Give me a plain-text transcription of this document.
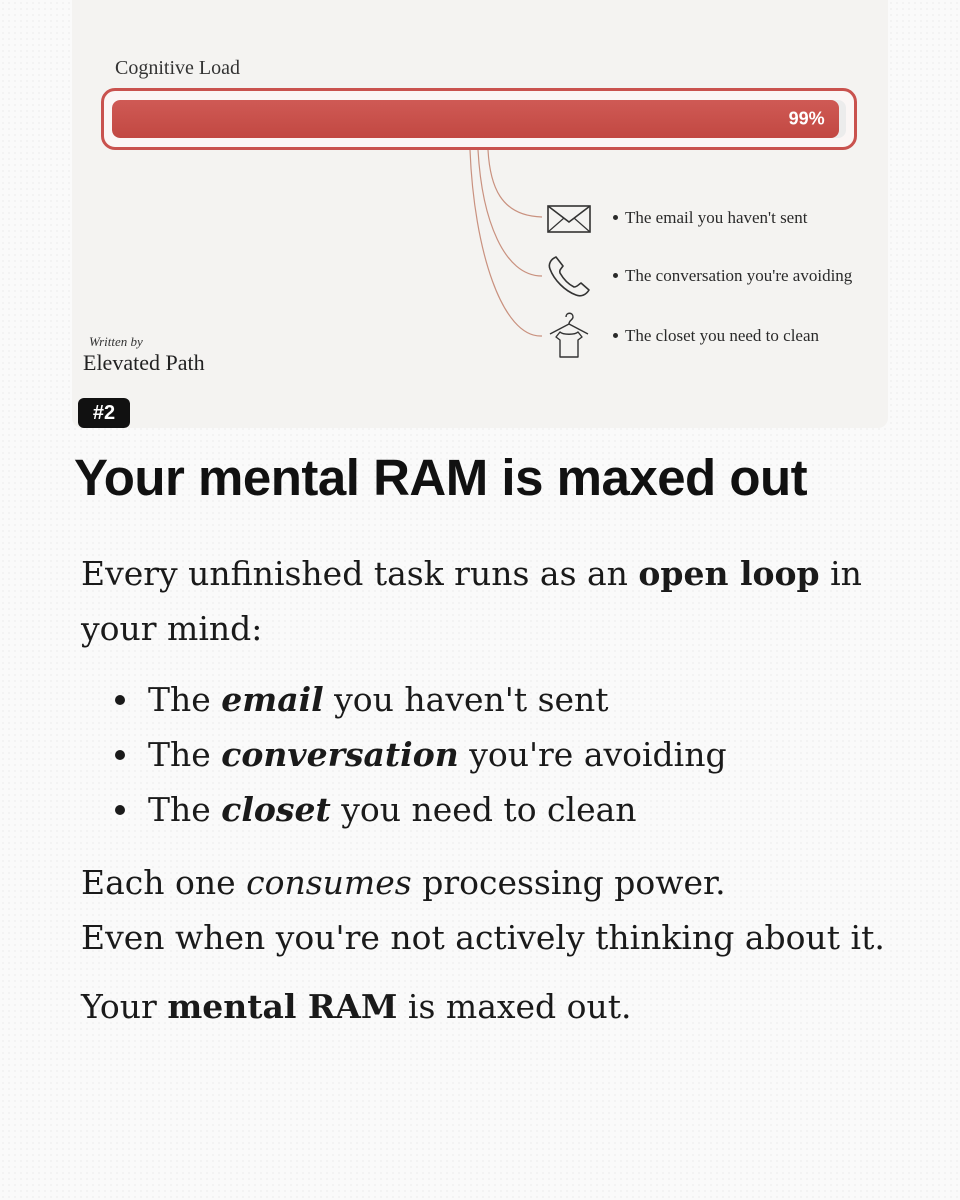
Cognitive Load
99%
The email you haven't sent
The conversation you're avoiding
The closet you need to clean
Written by
Elevated Path
#2
Your mental RAM is maxed out

Every unfinished task runs as an open loop in your mind:

The email you haven't sent
The conversation you're avoiding
The closet you need to clean

Each one consumes processing power.

Even when you're not actively thinking about it.

Your mental RAM is maxed out.
